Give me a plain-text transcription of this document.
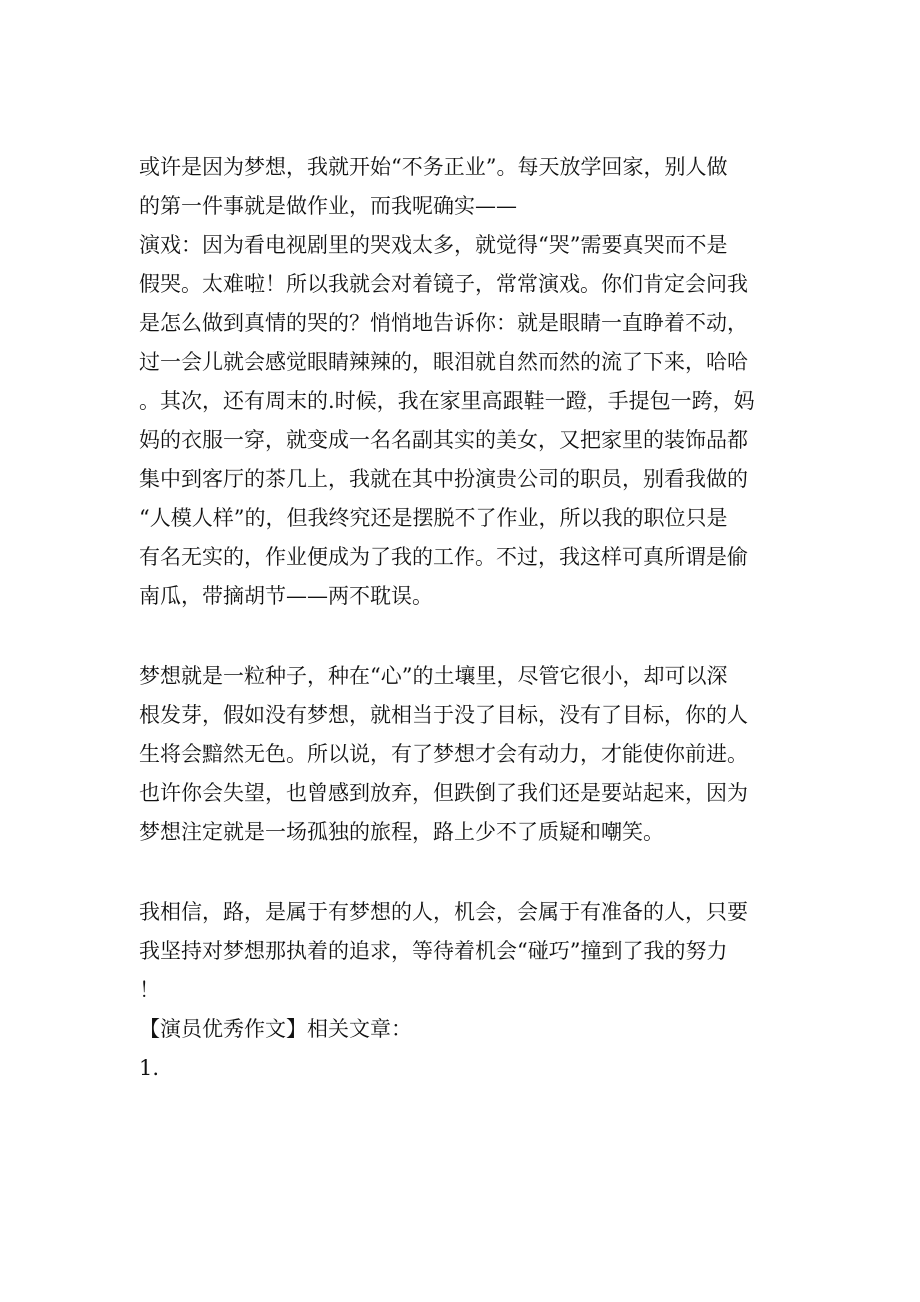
或许是因为梦想，我就开始“不务正业”。每天放学回家，别人做
的第一件事就是做作业，而我呢确实——
演戏：因为看电视剧里的哭戏太多，就觉得“哭”需要真哭而不是
假哭。太难啦！所以我就会对着镜子，常常演戏。你们肯定会问我
是怎么做到真情的哭的？悄悄地告诉你：就是眼睛一直睁着不动，
过一会儿就会感觉眼睛辣辣的，眼泪就自然而然的流了下来，哈哈
。其次，还有周末的.时候，我在家里高跟鞋一蹬，手提包一跨，妈
妈的衣服一穿，就变成一名名副其实的美女，又把家里的装饰品都
集中到客厅的茶几上，我就在其中扮演贵公司的职员，别看我做的
“人模人样”的，但我终究还是摆脱不了作业，所以我的职位只是
有名无实的，作业便成为了我的工作。不过，我这样可真所谓是偷
南瓜，带摘胡节——两不耽误。
梦想就是一粒种子，种在“心”的土壤里，尽管它很小，却可以深
根发芽，假如没有梦想，就相当于没了目标，没有了目标，你的人
生将会黯然无色。所以说，有了梦想才会有动力，才能使你前进。
也许你会失望，也曾感到放弃，但跌倒了我们还是要站起来，因为
梦想注定就是一场孤独的旅程，路上少不了质疑和嘲笑。
我相信，路，是属于有梦想的人，机会，会属于有准备的人，只要
我坚持对梦想那执着的追求，等待着机会“碰巧”撞到了我的努力
！
【演员优秀作文】相关文章：
1.
